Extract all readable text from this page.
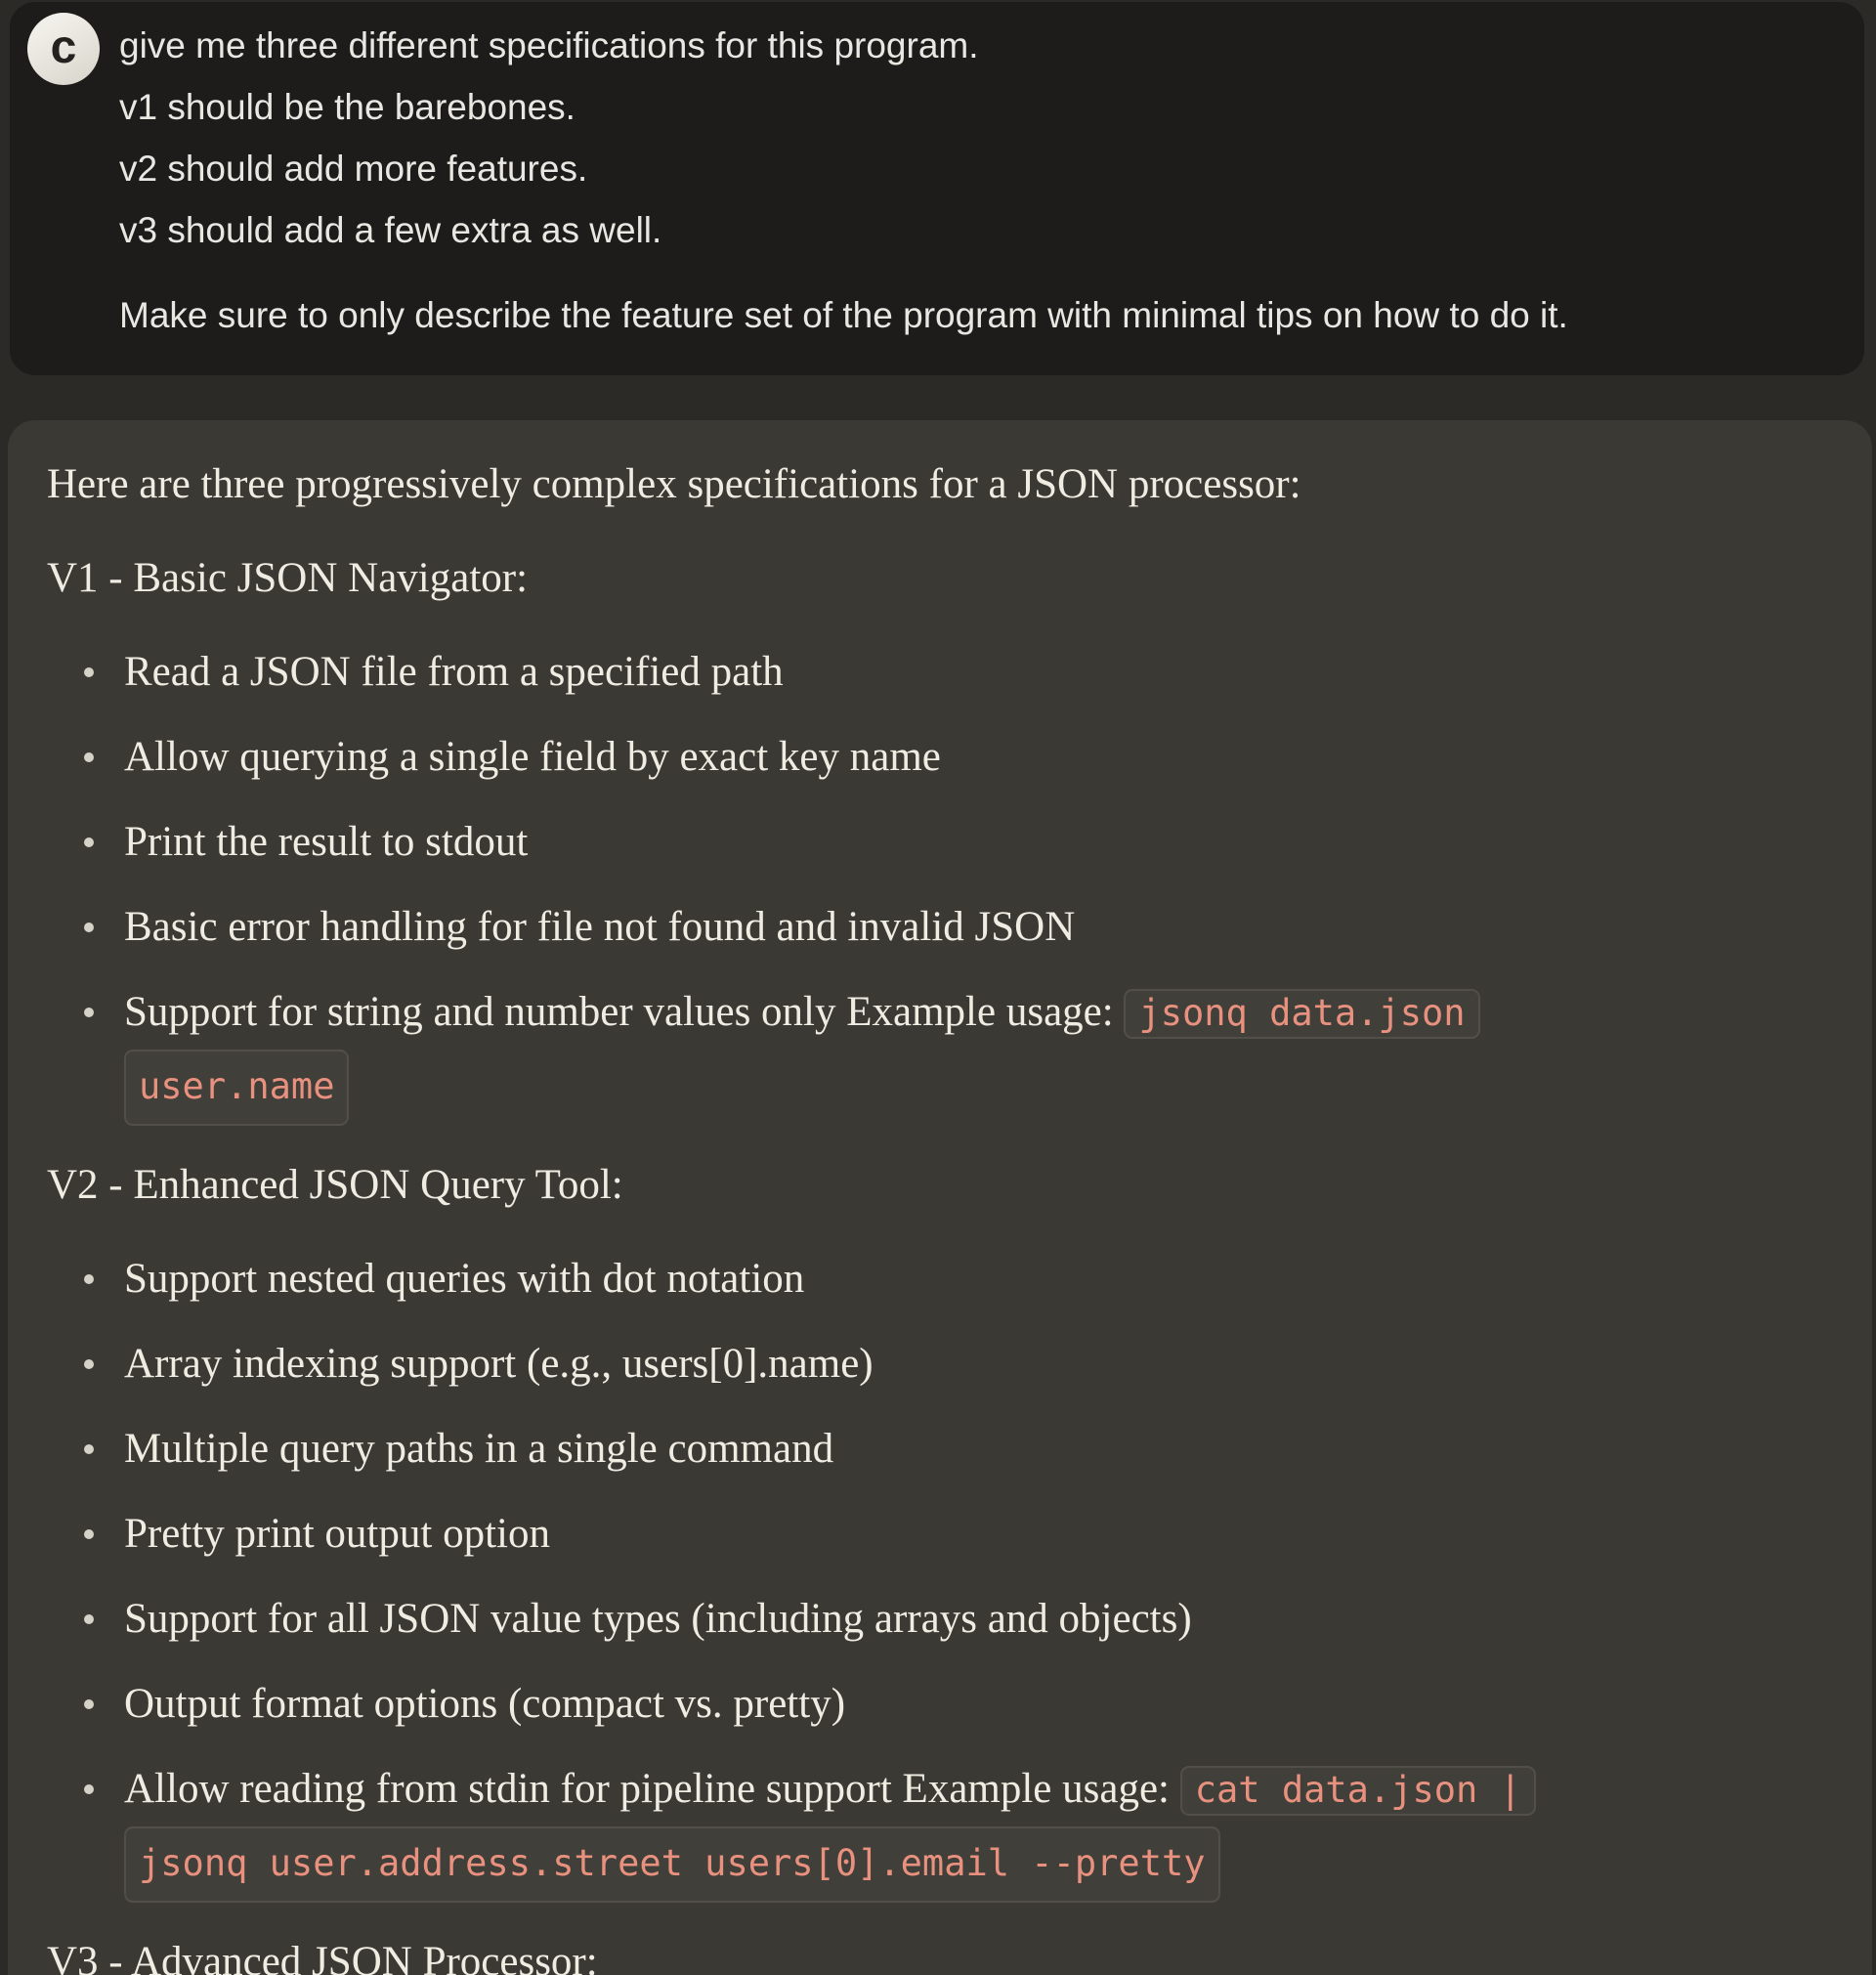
c give me three different specifications for this program.
v1 should be the barebones.
v2 should add more features.
v3 should add a few extra as well.
Make sure to only describe the feature set of the program with minimal tips on how to do it.

Here are three progressively complex specifications for a JSON processor:

V1 - Basic JSON Navigator:

Read a JSON file from a specified path
Allow querying a single field by exact key name
Print the result to stdout
Basic error handling for file not found and invalid JSON
Support for string and number values only Example usage: jsonq data.json
user.name

V2 - Enhanced JSON Query Tool:

Support nested queries with dot notation
Array indexing support (e.g., users[0].name)
Multiple query paths in a single command
Pretty print output option
Support for all JSON value types (including arrays and objects)
Output format options (compact vs. pretty)
Allow reading from stdin for pipeline support Example usage: cat data.json |
jsonq user.address.street users[0].email --pretty

V3 - Advanced JSON Processor:
